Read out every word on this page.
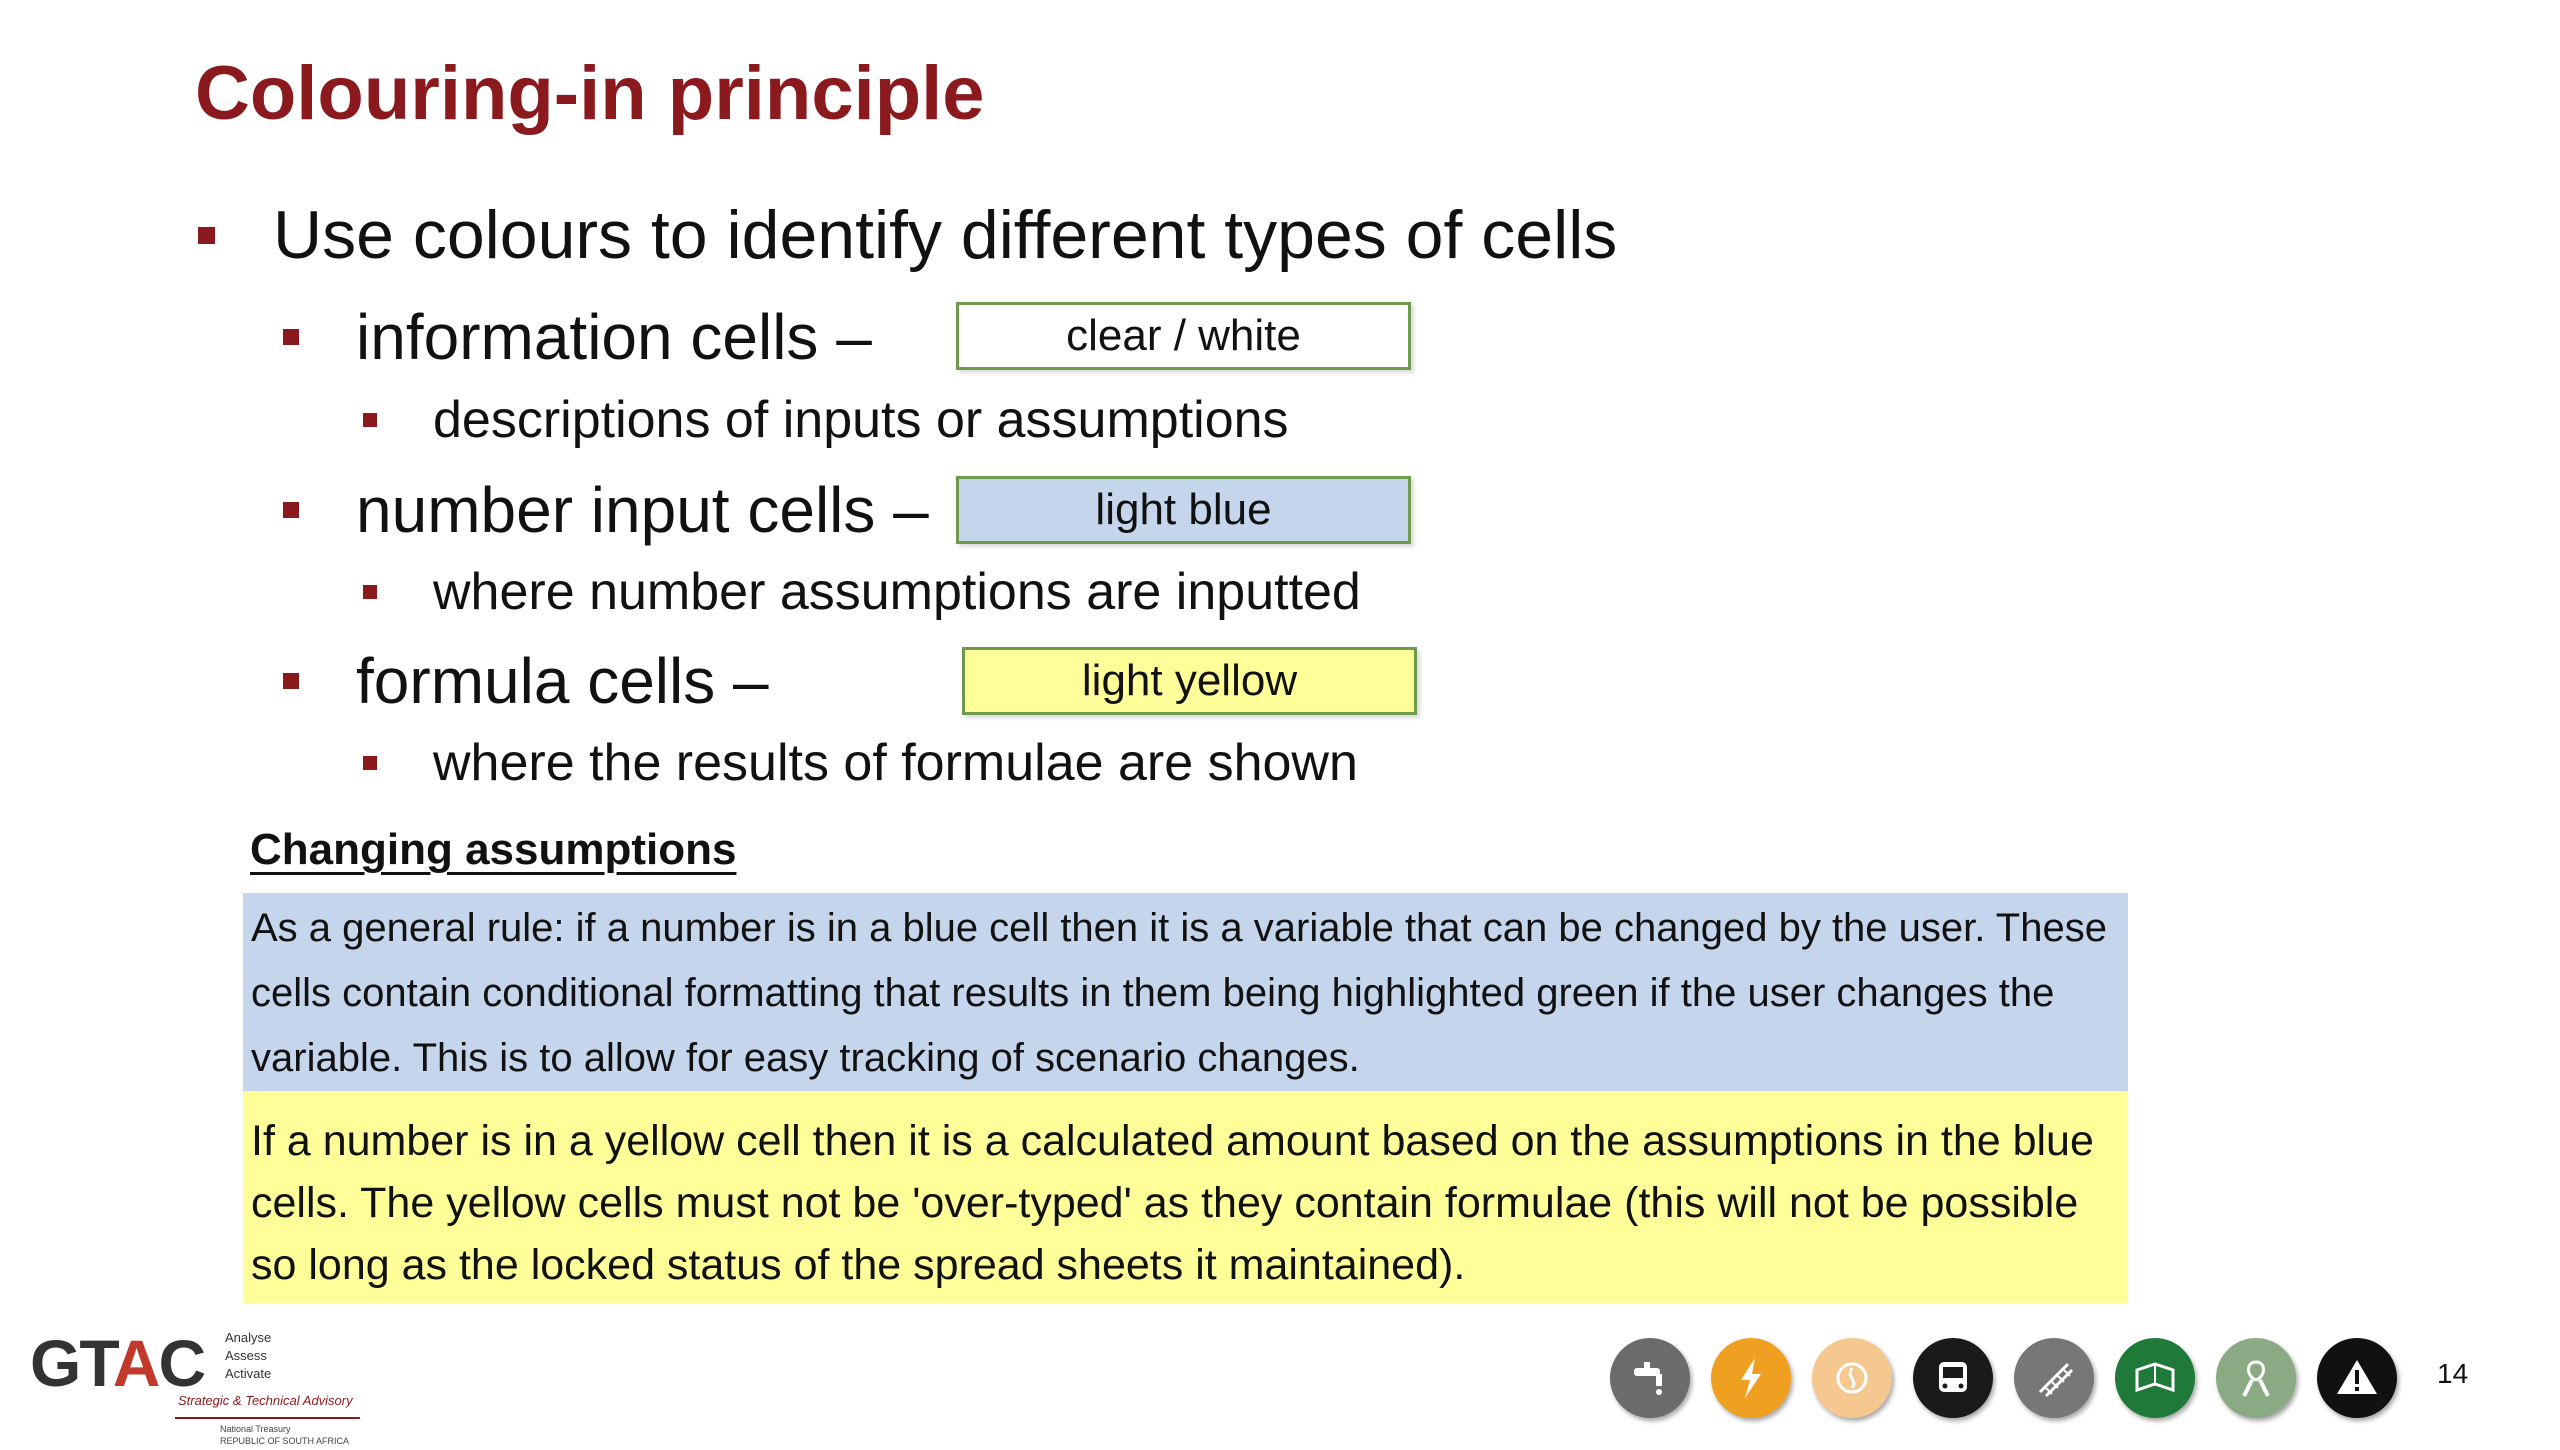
Colouring-in principle
Use colours to identify different types of cells
information cells –	clear / white
descriptions of inputs or assumptions
number input cells –	light blue
where number assumptions are inputted
formula cells –	light yellow
where the results of formulae are shown
Changing assumptions
As a general rule: if a number is in a blue cell then it is a variable that can be changed by the user. These cells contain conditional formatting that results in them being highlighted green if the user changes the variable. This is to allow for easy tracking of scenario changes.
If a number is in a yellow cell then it is a calculated amount based on the assumptions in the blue cells. The yellow cells must not be 'over-typed' as they contain formulae (this will not be possible so long as the locked status of the spread sheets it maintained).
GTAC Analyse
Assess
Activate
Strategic & Technical Advisory
National Treasury
REPUBLIC OF SOUTH AFRICA
14
